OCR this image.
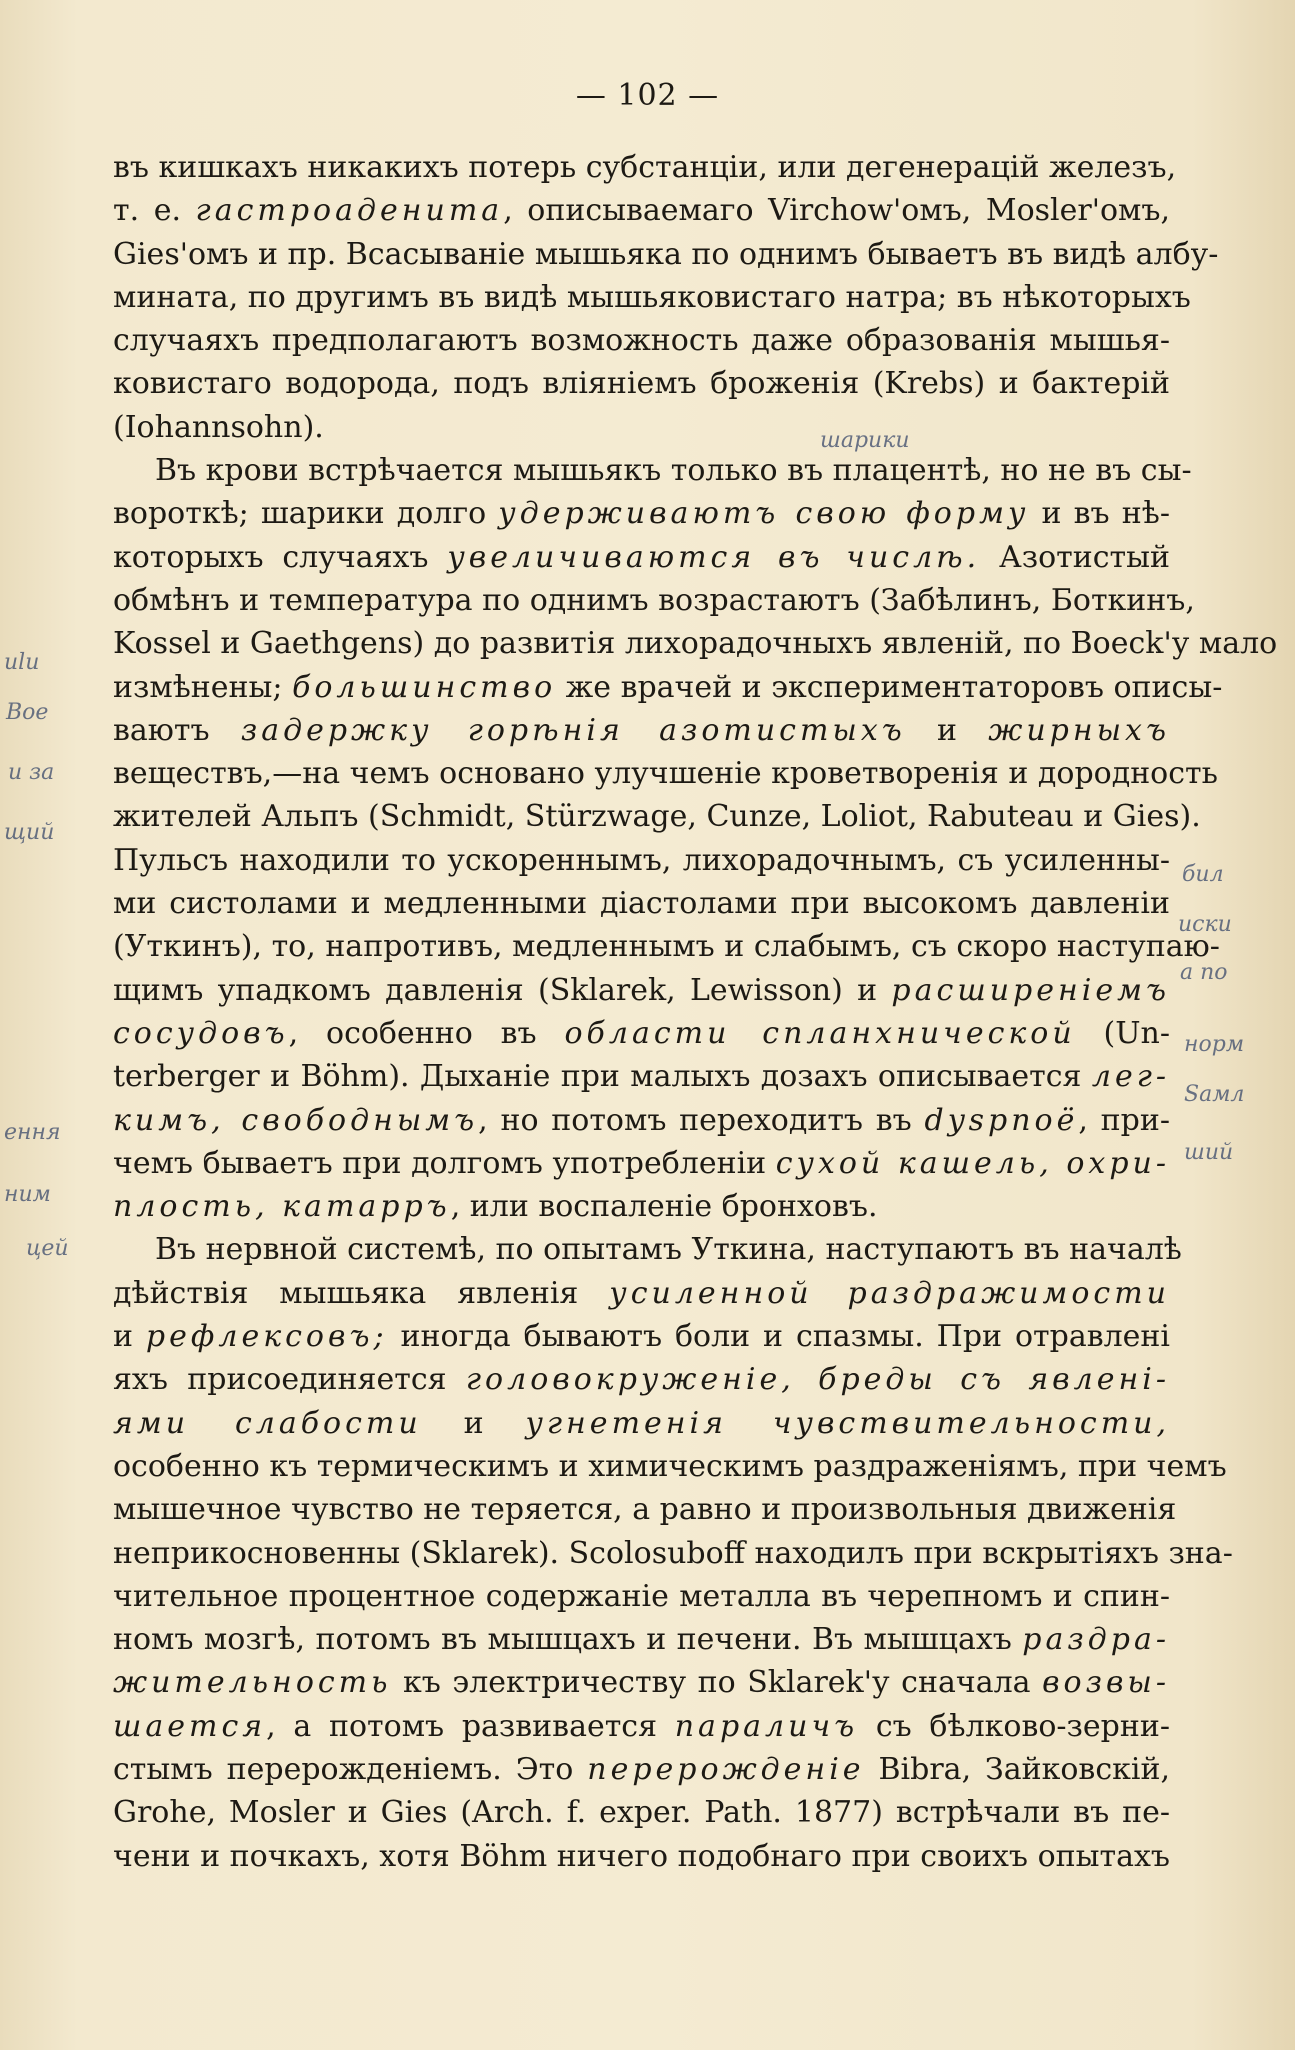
— 102 —
въ кишкахъ никакихъ потерь субстанціи, или дегенерацій железъ,
т. е. гастроаденита, описываемаго Virchow'омъ, Mosler'омъ,
Gies'омъ и пр. Всасываніе мышьяка по однимъ бываетъ въ видѣ албу-
мината, по другимъ въ видѣ мышьяковистаго натра; въ нѣкоторыхъ
случаяхъ предполагаютъ возможность даже образованія мышья-
ковистаго водорода, подъ вліяніемъ броженія (Krebs) и бактерій
(Iohannsohn).
Въ крови встрѣчается мышьякъ только въ плацентѣ, но не въ сы-
вороткѣ; шарики долго удерживаютъ свою форму и въ нѣ-
которыхъ случаяхъ увеличиваются въ числѣ. Азотистый
обмѣнъ и температура по однимъ возрастаютъ (Забѣлинъ, Боткинъ,
Kossel и Gaethgens) до развитія лихорадочныхъ явленій, по Boeck'у мало
измѣнены; большинство же врачей и экспериментаторовъ описы-
ваютъ задержку горѣнія азотистыхъ и жирныхъ
веществъ,—на чемъ основано улучшеніе кроветворенія и дородность
жителей Альпъ (Schmidt, Stürzwage, Cunze, Loliot, Rabuteau и Gies).
Пульсъ находили то ускореннымъ, лихорадочнымъ, съ усиленны-
ми систолами и медленными діастолами при высокомъ давленіи
(Уткинъ), то, напротивъ, медленнымъ и слабымъ, съ скоро наступаю-
щимъ упадкомъ давленія (Sklarek, Lewisson) и расширеніемъ
сосудовъ, особенно въ области спланхнической (Un-
terberger и Böhm). Дыханіе при малыхъ дозахъ описывается лег-
кимъ, свободнымъ, но потомъ переходитъ въ dyspnoë, при-
чемъ бываетъ при долгомъ употребленіи сухой кашель, охри-
плость, катарръ, или воспаленіе бронховъ.
Въ нервной системѣ, по опытамъ Уткина, наступаютъ въ началѣ
дѣйствія мышьяка явленія усиленной раздражимости
и рефлексовъ; иногда бываютъ боли и спазмы. При отравлені
яхъ присоединяется головокруженіе, бреды съ явлені-
ями слабости и угнетенія чувствительности,
особенно къ термическимъ и химическимъ раздраженіямъ, при чемъ
мышечное чувство не теряется, а равно и произвольныя движенія
неприкосновенны (Sklarek). Scolosuboff находилъ при вскрытіяхъ зна-
чительное процентное содержаніе металла въ черепномъ и спин-
номъ мозгѣ, потомъ въ мышцахъ и печени. Въ мышцахъ раздра-
жительность къ электричеству по Sklarek'у сначала возвы-
шается, а потомъ развивается параличъ съ бѣлково-зерни-
стымъ перерожденіемъ. Это перерожденіе Bibra, Зайковскій,
Grohe, Mosler и Gies (Arch. f. exper. Path. 1877) встрѣчали въ пе-
чени и почкахъ, хотя Böhm ничего подобнаго при своихъ опытахъ
шарики
ulu
Вое
и за
щий
бил
иски
а по
норм
Ѕамл
ення
ший
ним
цей
